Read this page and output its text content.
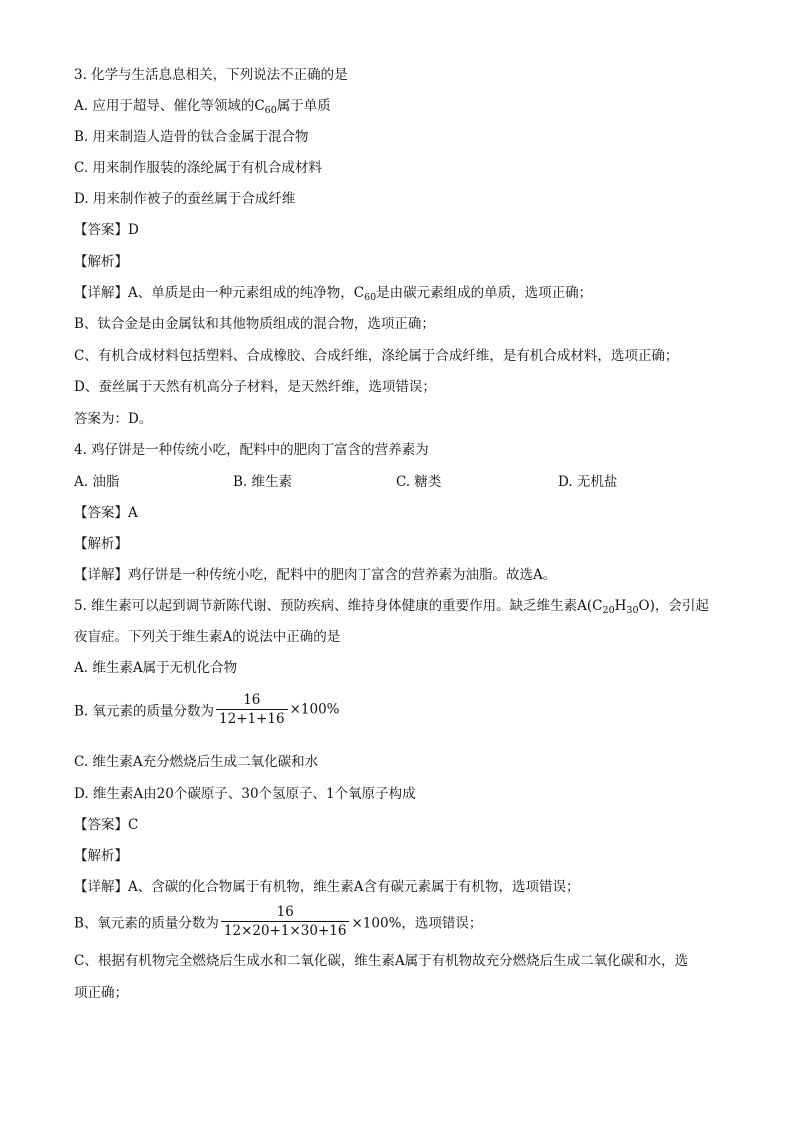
3. 化学与生活息息相关，下列说法不正确的是
A. 应用于超导、催化等领域的$C_{60}$属于单质
B. 用来制造人造骨的钛合金属于混合物
C. 用来制作服装的涤纶属于有机合成材料
D. 用来制作被子的蚕丝属于合成纤维
【答案】D
【解析】
【详解】A、单质是由一种元素组成的纯净物，$C_{60}$是由碳元素组成的单质，选项正确；
B、钛合金是由金属钛和其他物质组成的混合物，选项正确；
C、有机合成材料包括塑料、合成橡胶、合成纤维，涤纶属于合成纤维，是有机合成材料，选项正确；
D、蚕丝属于天然有机高分子材料，是天然纤维，选项错误；
答案为：D。
4. 鸡仔饼是一种传统小吃，配料中的肥肉丁富含的营养素为
A. 油脂	B. 维生素	C. 糖类	D. 无机盐
【答案】A
【解析】
【详解】鸡仔饼是一种传统小吃，配料中的肥肉丁富含的营养素为油脂。故选A。
5. 维生素可以起到调节新陈代谢、预防疾病、维持身体健康的重要作用。缺乏维生素$A(C_{20}H_{30}O)$，会引起
夜盲症。下列关于维生素A的说法中正确的是
A. 维生素A属于无机化合物
B. 氧元素的质量分数为 $\frac{16}{12+1+16} \times 100\%$
C. 维生素A充分燃烧后生成二氧化碳和水
D. 维生素A由20个碳原子、30个氢原子、1个氧原子构成
【答案】C
【解析】
【详解】A、含碳的化合物属于有机物，维生素A含有碳元素属于有机物，选项错误；
B、氧元素的质量分数为 $\frac{16}{12\times 20+1\times 30+16} \times 100\%$，选项错误；
C、根据有机物完全燃烧后生成水和二氧化碳，维生素A属于有机物故充分燃烧后生成二氧化碳和水，选
项正确；
